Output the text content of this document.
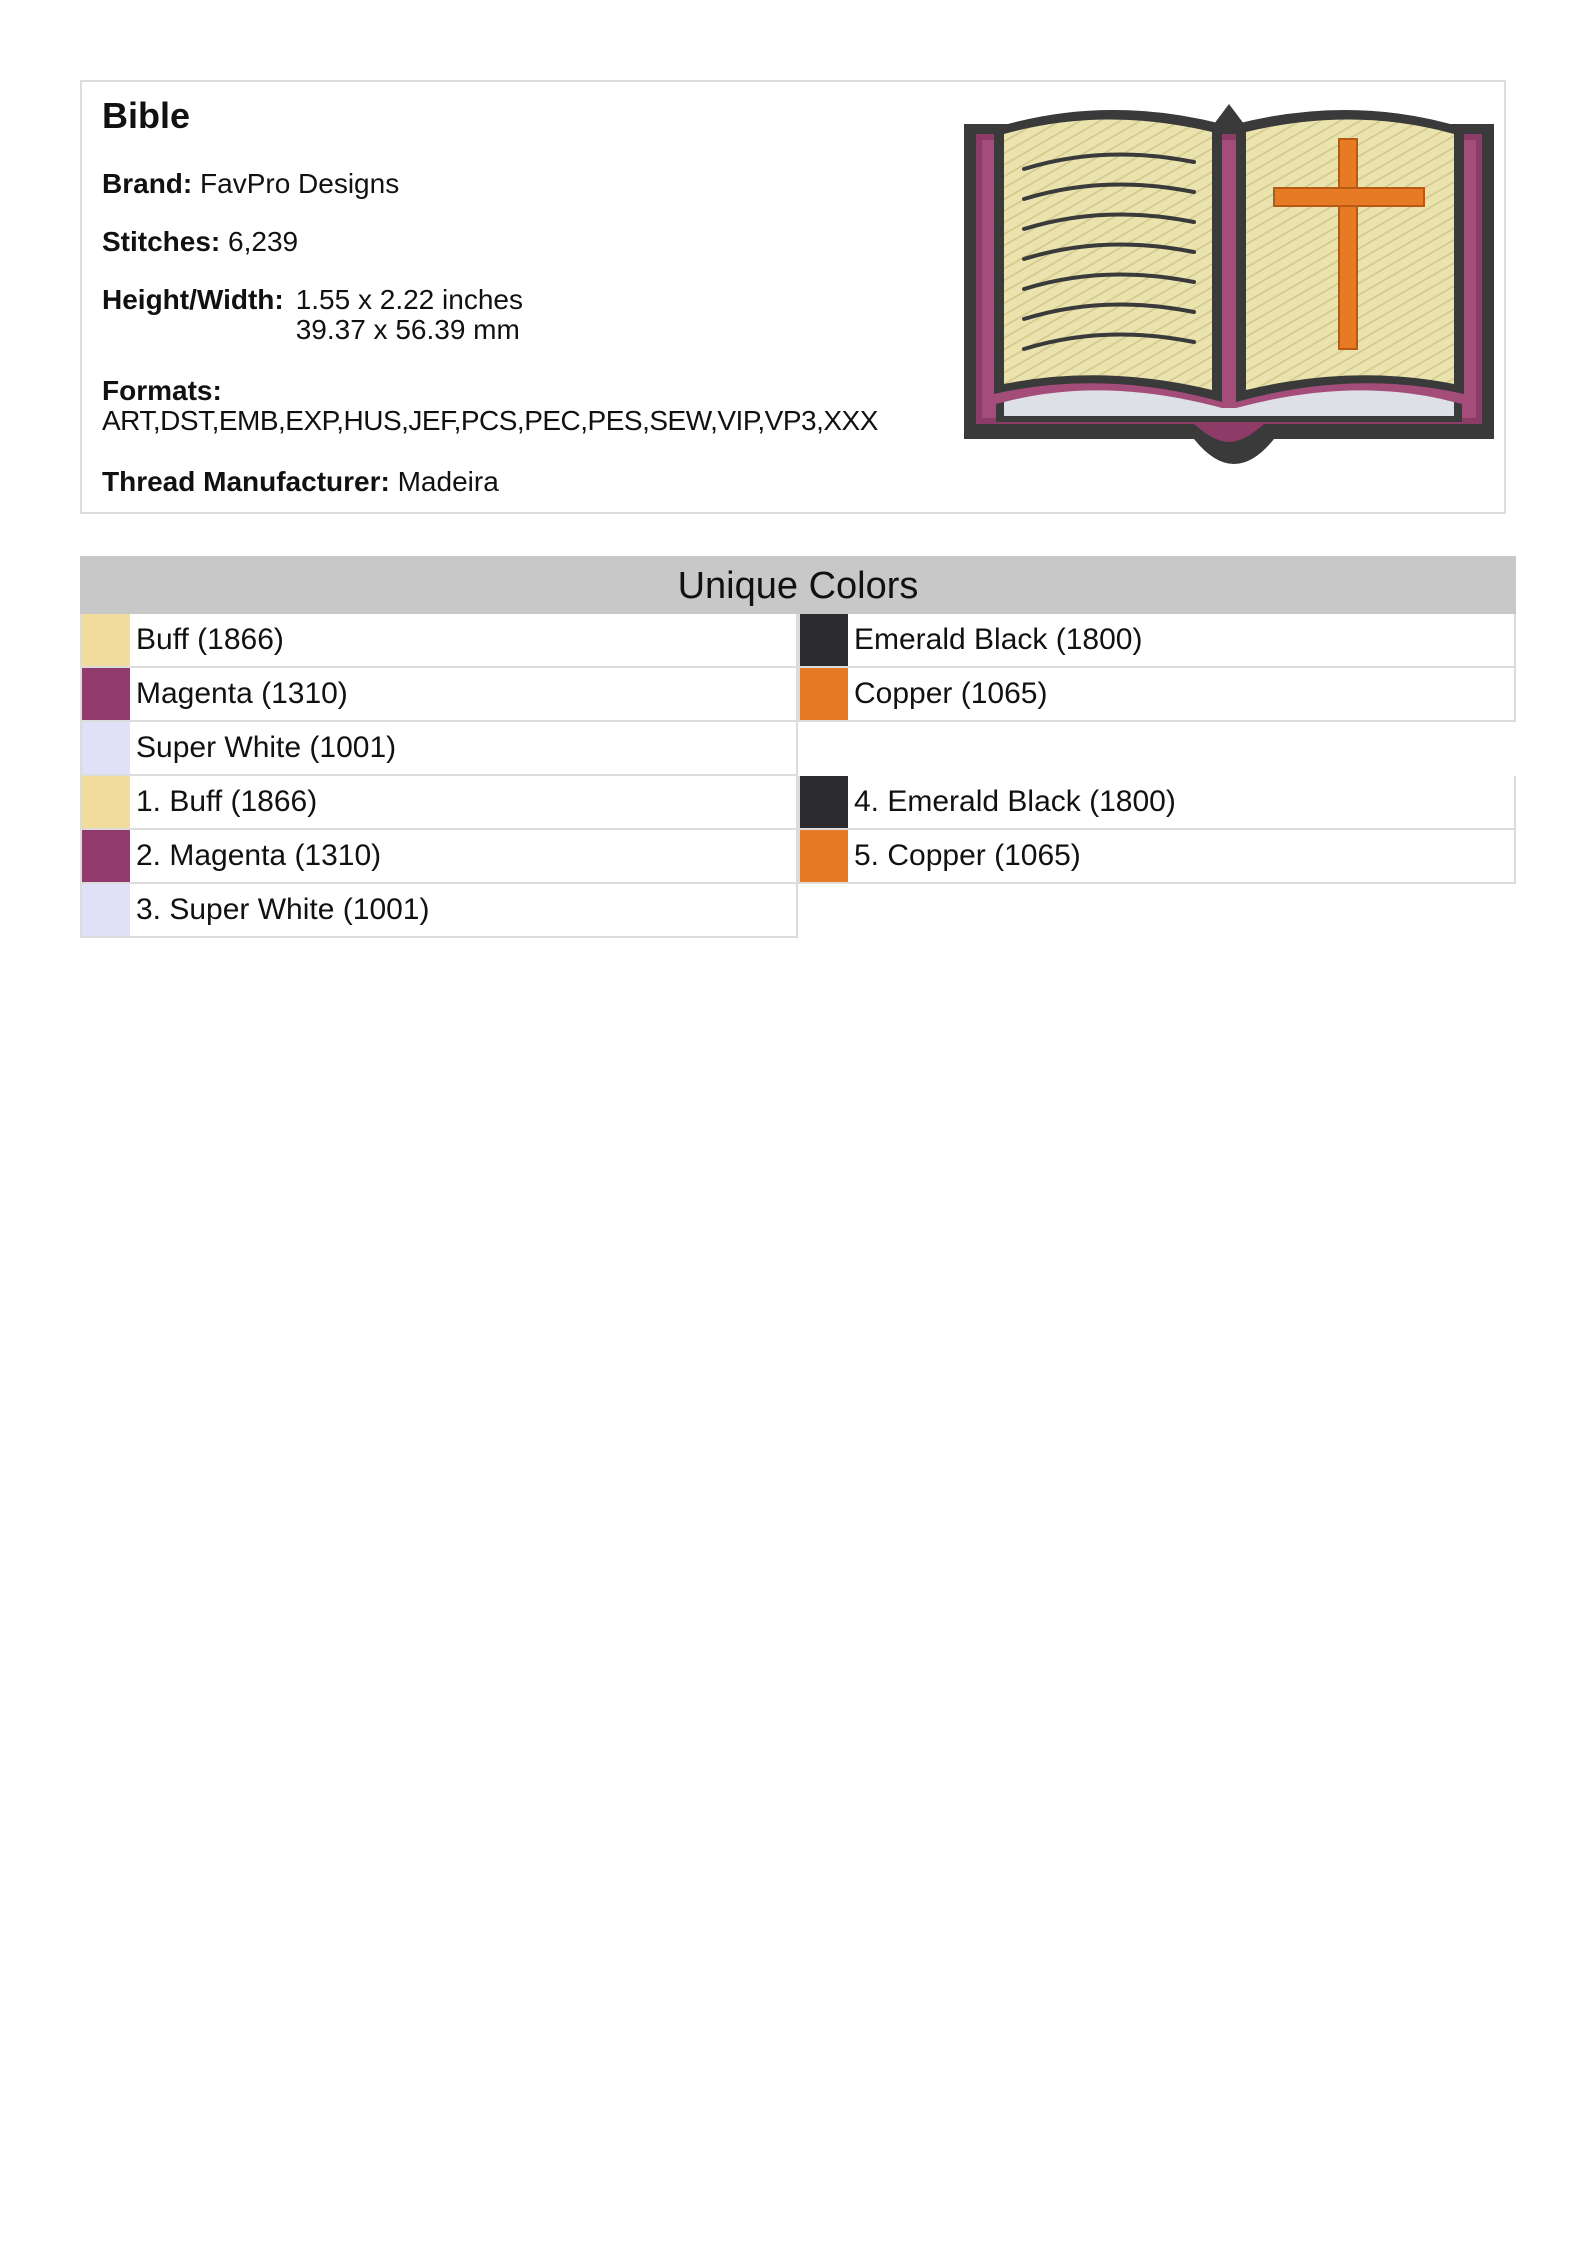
Bible
Brand: FavPro Designs
Stitches: 6,239
Height/Width: 1.55 x 2.22 inches
39.37 x 56.39 mm
Formats:
ART,DST,EMB,EXP,HUS,JEF,PCS,PEC,PES,SEW,VIP,VP3,XXX
Thread Manufacturer: Madeira
Unique Colors
Buff (1866)	Emerald Black (1800)
Magenta (1310)	Copper (1065)
Super White (1001)
1. Buff (1866)	4. Emerald Black (1800)
2. Magenta (1310)	5. Copper (1065)
3. Super White (1001)
